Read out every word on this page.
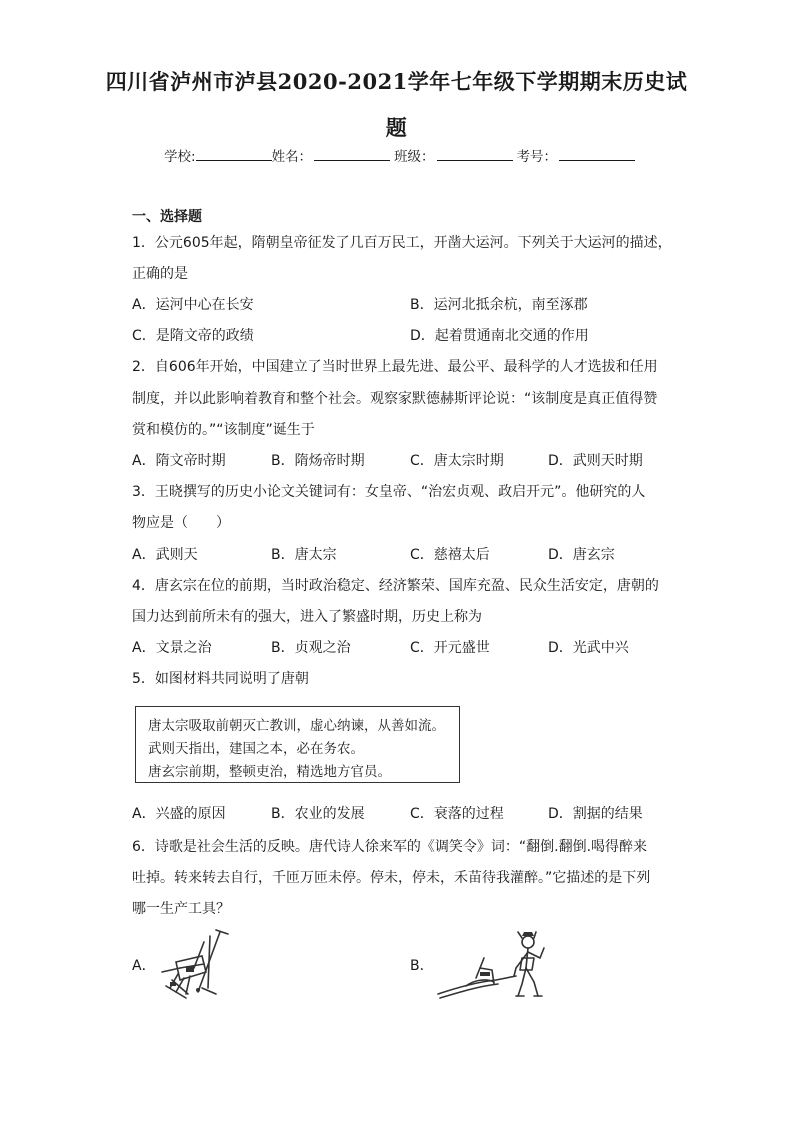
四川省泸州市泸县2020-2021学年七年级下学期期末历史试
题
学校:	姓名：	班级：	考号：
一、选择题
1．公元605年起，隋朝皇帝征发了几百万民工，开凿大运河。下列关于大运河的描述，
正确的是
A．运河中心在长安	B．运河北抵余杭，南至涿郡
C．是隋文帝的政绩	D．起着贯通南北交通的作用
2．自606年开始，中国建立了当时世界上最先进、最公平、最科学的人才选拔和任用
制度，并以此影响着教育和整个社会。观察家默德赫斯评论说：“该制度是真正值得赞
赏和模仿的。”“该制度”诞生于
A．隋文帝时期	B．隋炀帝时期	C．唐太宗时期	D．武则天时期
3．王晓撰写的历史小论文关键词有：女皇帝、“治宏贞观、政启开元”。他研究的人
物应是（　　）
A．武则天	B．唐太宗	C．慈禧太后	D．唐玄宗
4．唐玄宗在位的前期，当时政治稳定、经济繁荣、国库充盈、民众生活安定，唐朝的
国力达到前所未有的强大，进入了繁盛时期，历史上称为
A．文景之治	B．贞观之治	C．开元盛世	D．光武中兴
5．如图材料共同说明了唐朝
唐太宗吸取前朝灭亡教训，虚心纳谏，从善如流。
武则天指出，建国之本，必在务农。
唐玄宗前期，整顿吏治，精选地方官员。
A．兴盛的原因	B．农业的发展	C．衰落的过程	D．割据的结果
6．诗歌是社会生活的反映。唐代诗人徐来军的《调笑令》词：“翻倒.翻倒.喝得醉来
吐掉。转来转去自行，千匝万匝未停。停未，停未，禾苗待我灌醉。”它描述的是下列
哪一生产工具？
A．	B．
